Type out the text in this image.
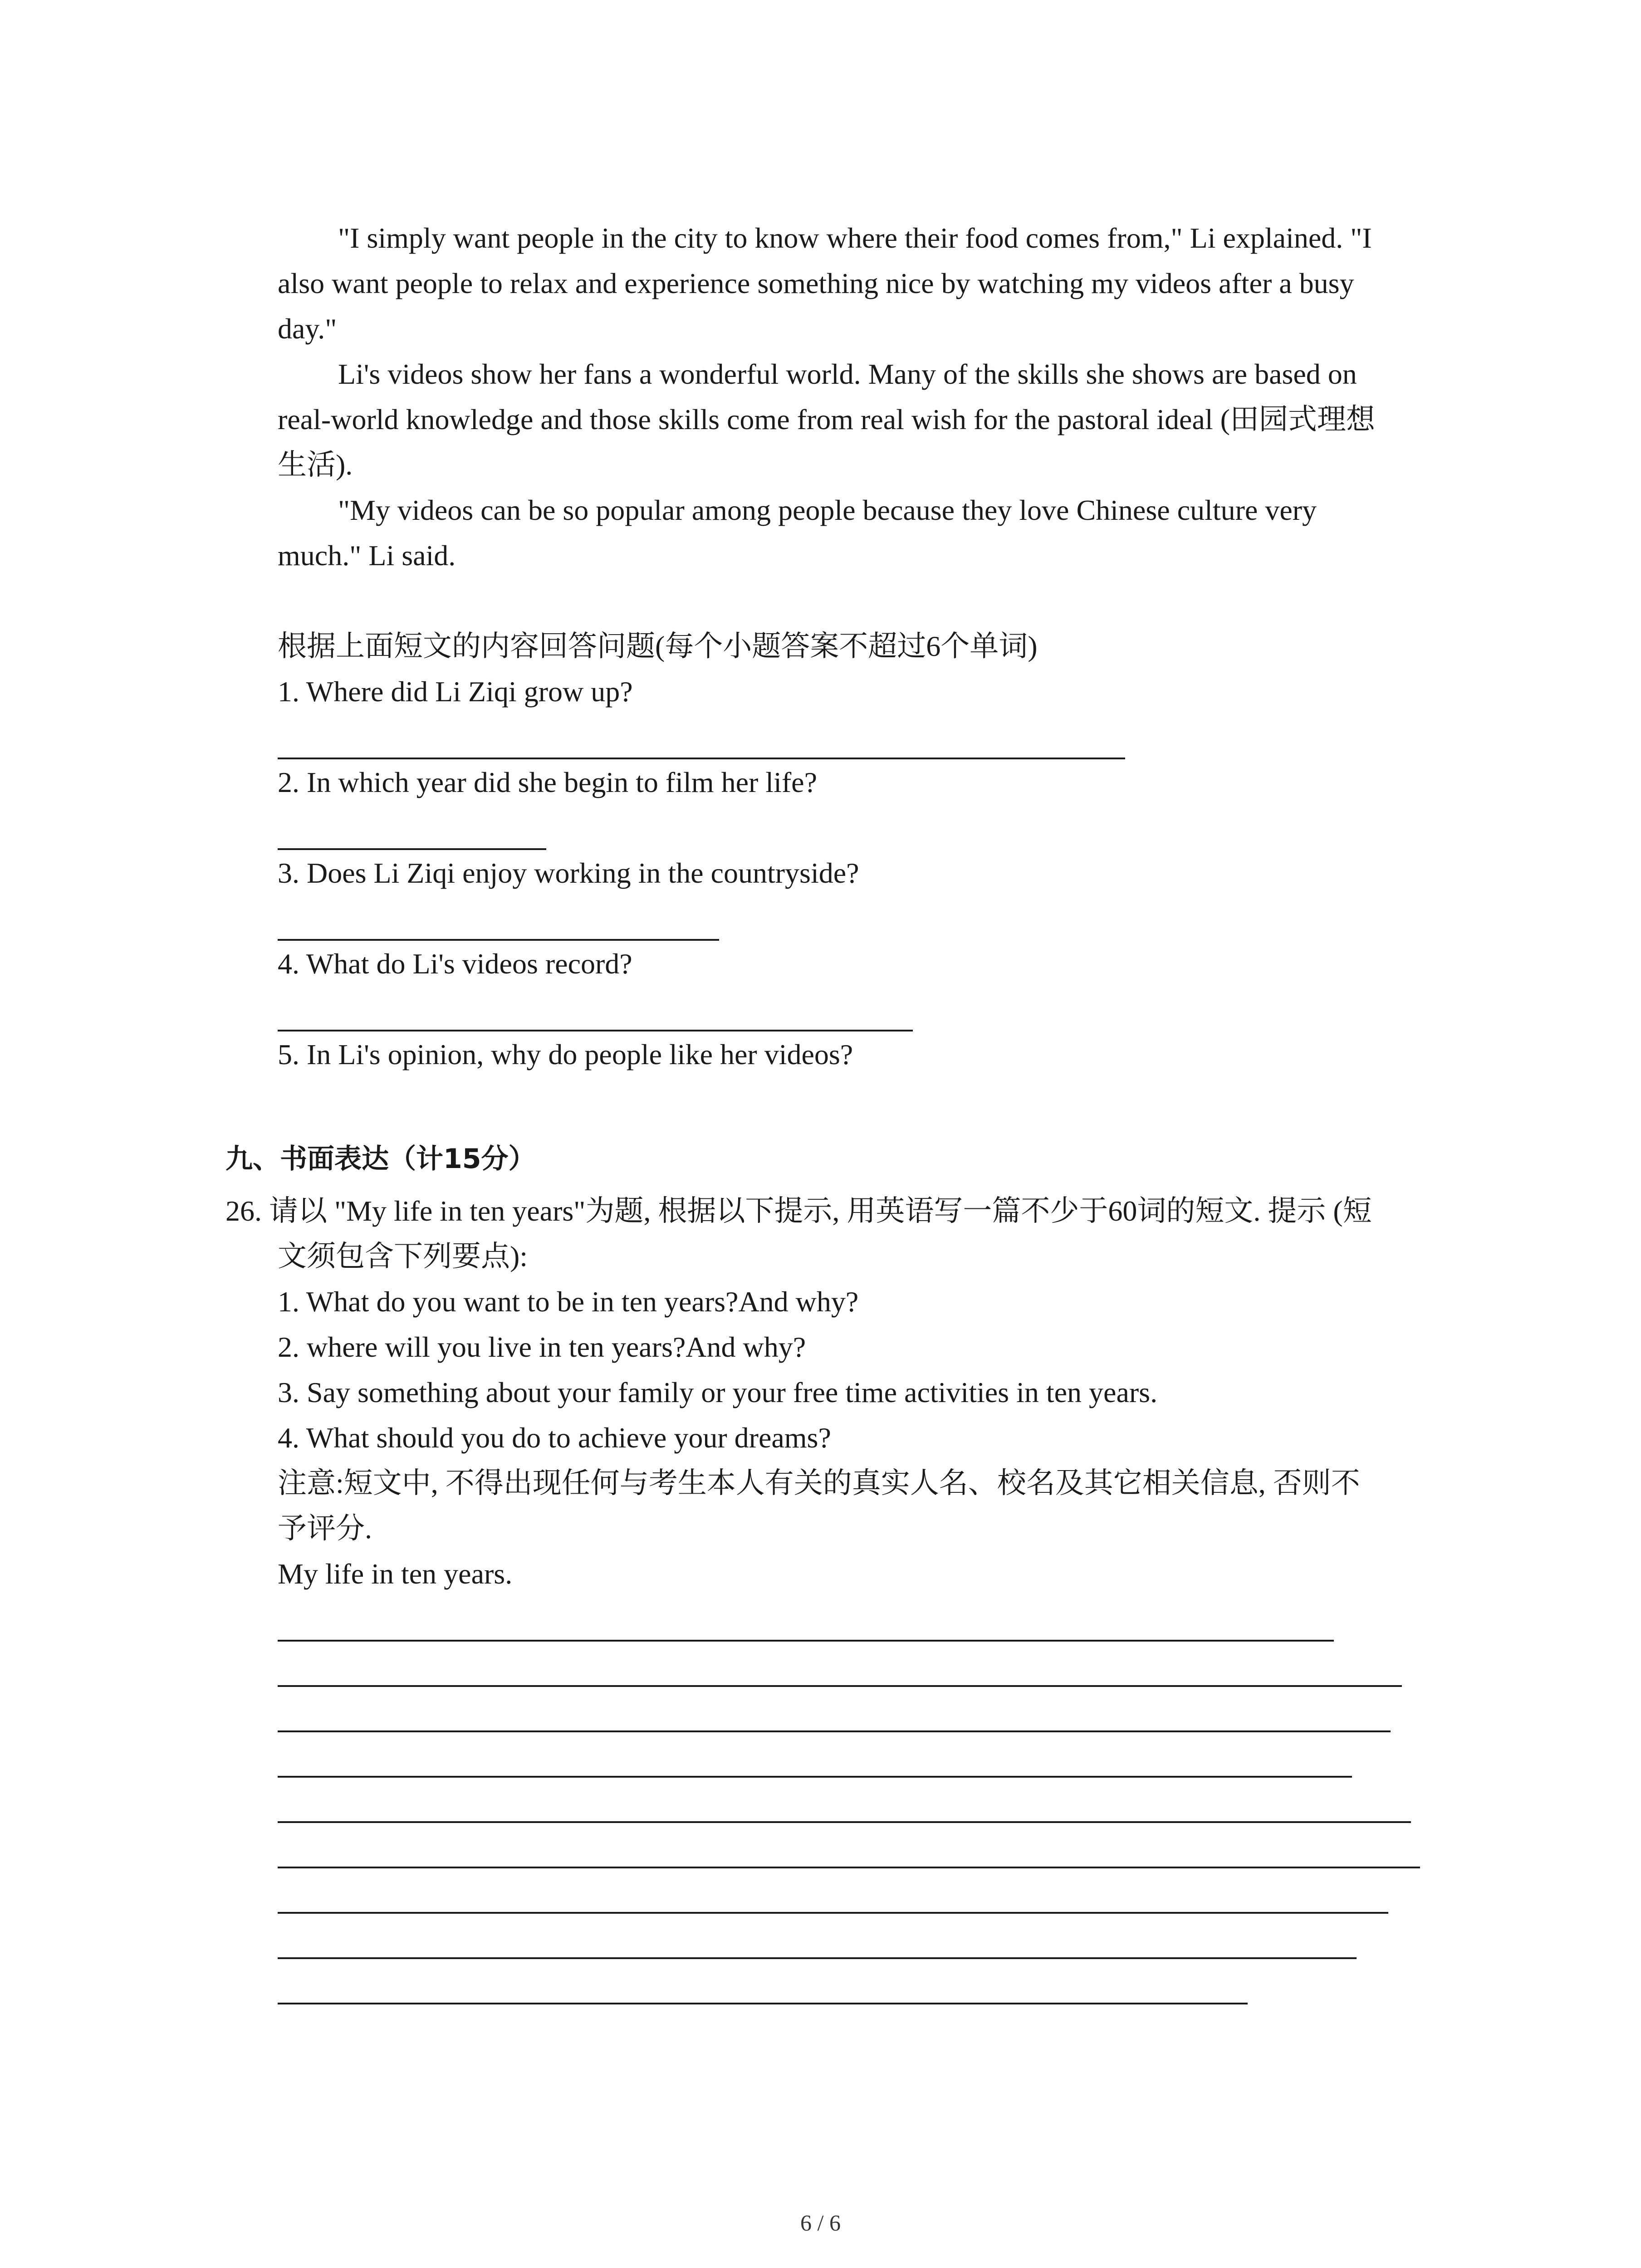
"I simply want people in the city to know where their food comes from," Li explained. "I
also want people to relax and experience something nice by watching my videos after a busy
day."
Li's videos show her fans a wonderful world. Many of the skills she shows are based on
real-world knowledge and those skills come from real wish for the pastoral ideal (田园式理想
生活).
"My videos can be so popular among people because they love Chinese culture very
much." Li said.
根据上面短文的内容回答问题(每个小题答案不超过6个单词)
1. Where did Li Ziqi grow up?
2. In which year did she begin to film her life?
3. Does Li Ziqi enjoy working in the countryside?
4. What do Li's videos record?
5. In Li's opinion, why do people like her videos?
九、书面表达（计15分）
26. 请以 "My life in ten years"为题, 根据以下提示, 用英语写一篇不少于60词的短文. 提示 (短
文须包含下列要点):
1. What do you want to be in ten years?And why?
2. where will you live in ten years?And why?
3. Say something about your family or your free time activities in ten years.
4. What should you do to achieve your dreams?
注意:短文中, 不得出现任何与考生本人有关的真实人名、校名及其它相关信息, 否则不
予评分.
My life in ten years.
6 / 6
